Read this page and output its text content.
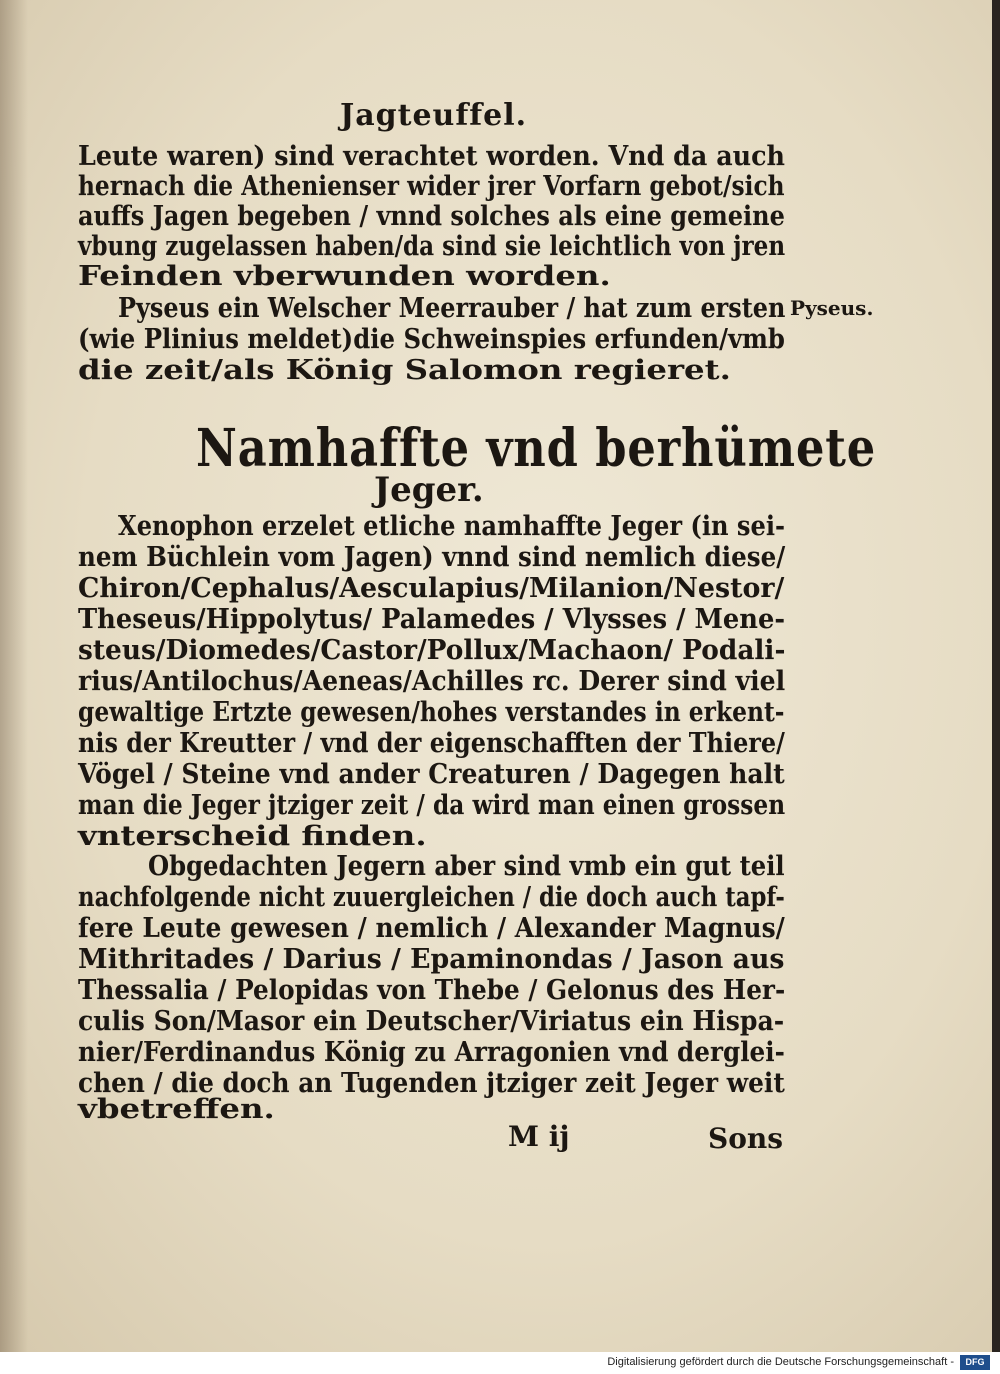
Jagteuffel.
Leute waren) sind verachtet worden. Vnd da auch
hernach die Athenienser wider jrer Vorfarn gebot/sich
auffs Jagen begeben / vnnd solches als eine gemeine
vbung zugelassen haben/da sind sie leichtlich von jren
Feinden vberwunden worden.
Pyseus ein Welscher Meerrauber / hat zum ersten
(wie Plinius meldet)die Schweinspies erfunden/vmb
die zeit/als König Salomon regieret.
Pyseus.
Namhaffte vnd berhümete
Jeger.
Xenophon erzelet etliche namhaffte Jeger (in sei-
nem Büchlein vom Jagen) vnnd sind nemlich diese/
Chiron/Cephalus/Aesculapius/Milanion/Nestor/
Theseus/Hippolytus/ Palamedes / Vlysses / Mene-
steus/Diomedes/Castor/Pollux/Machaon/ Podali-
rius/Antilochus/Aeneas/Achilles rc. Derer sind viel
gewaltige Ertzte gewesen/hohes verstandes in erkent-
nis der Kreutter / vnd der eigenschafften der Thiere/
Vögel / Steine vnd ander Creaturen / Dagegen halt
man die Jeger jtziger zeit / da wird man einen grossen
vnterscheid finden.
Obgedachten Jegern aber sind vmb ein gut teil
nachfolgende nicht zuuergleichen / die doch auch tapf-
fere Leute gewesen / nemlich / Alexander Magnus/
Mithritades / Darius / Epaminondas / Jason aus
Thessalia / Pelopidas von Thebe / Gelonus des Her-
culis Son/Masor ein Deutscher/Viriatus ein Hispa-
nier/Ferdinandus König zu Arragonien vnd derglei-
chen / die doch an Tugenden jtziger zeit Jeger weit
vbetreffen.
M ij	Sons
Digitalisierung gefördert durch die Deutsche Forschungsgemeinschaft -	DFG
